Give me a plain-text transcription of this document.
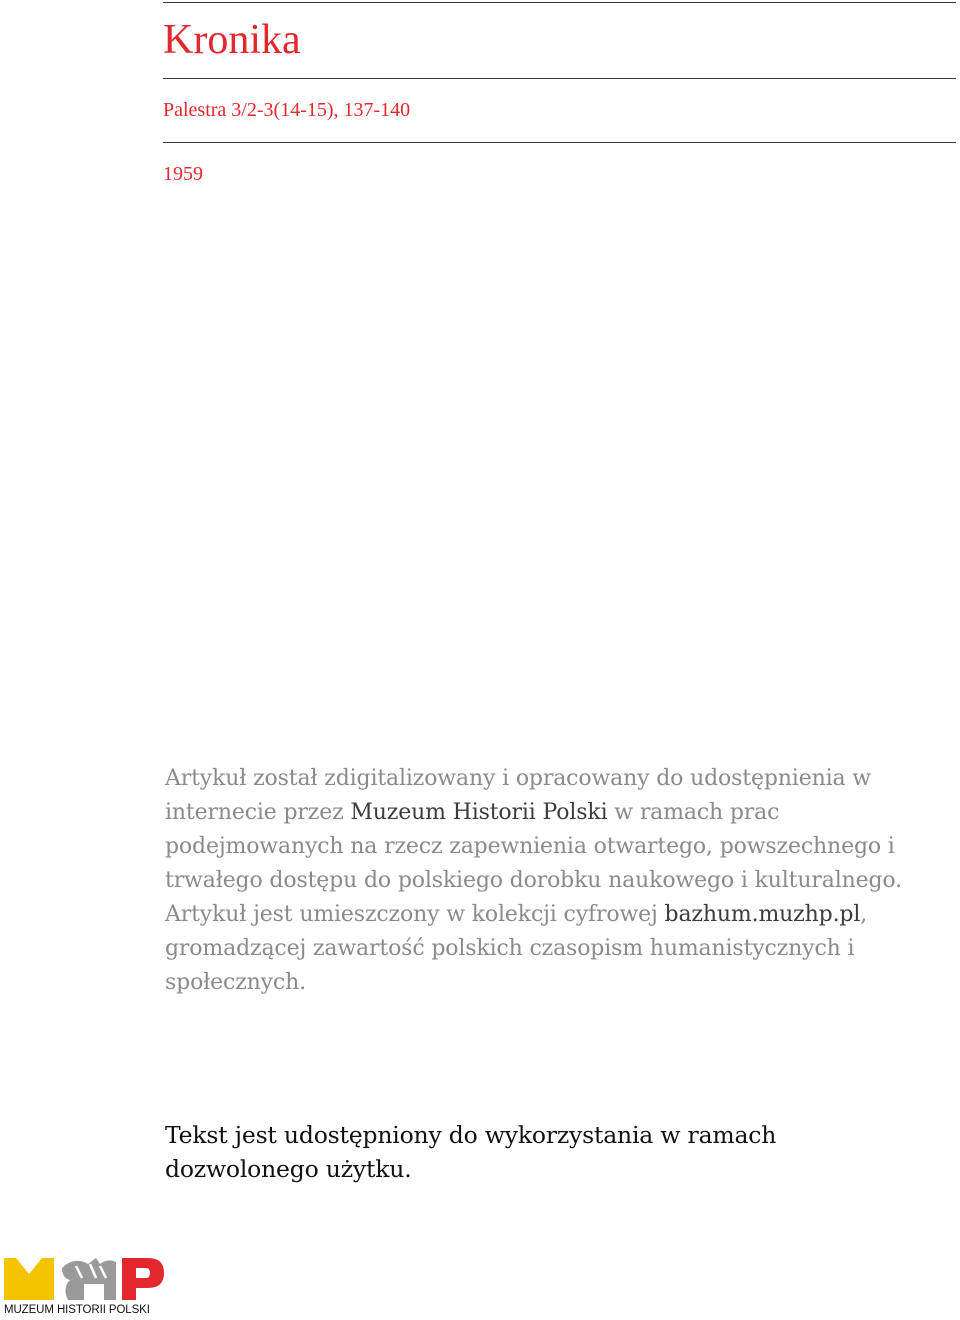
Kronika
Palestra 3/2-3(14-15), 137-140
1959

Artykuł został zdigitalizowany i opracowany do udostępnienia w internecie przez Muzeum Historii Polski w ramach prac podejmowanych na rzecz zapewnienia otwartego, powszechnego i trwałego dostępu do polskiego dorobku naukowego i kulturalnego. Artykuł jest umieszczony w kolekcji cyfrowej bazhum.muzhp.pl, gromadzącej zawartość polskich czasopism humanistycznych i społecznych.

Tekst jest udostępniony do wykorzystania w ramach dozwolonego użytku.

MUZEUM HISTORII POLSKI
